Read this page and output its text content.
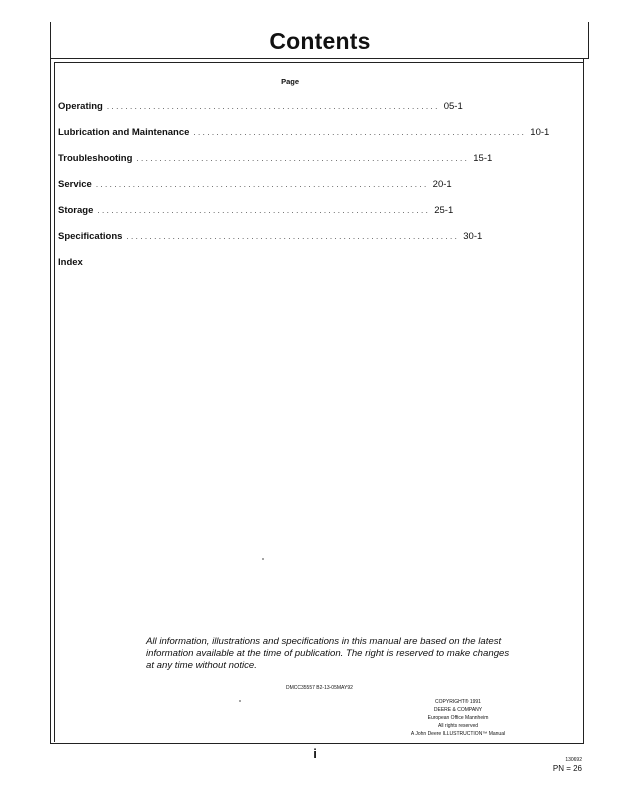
Contents
Page
Operating ........................................................................ 05-1
Lubrication and Maintenance ........................................................................ 10-1
Troubleshooting ........................................................................ 15-1
Service ........................................................................ 20-1
Storage ........................................................................ 25-1
Specifications ........................................................................ 30-1
Index
All information, illustrations and specifications in this manual are based on the latest information available at the time of publication. The right is reserved to make changes at any time without notice.
DMCC35557 B2-13-05MAY92
COPYRIGHT® 1991
DEERE & COMPANY
European Office Mannheim
All rights reserved
A John Deere ILLUSTRUCTION™ Manual
i	130692
PN = 26
